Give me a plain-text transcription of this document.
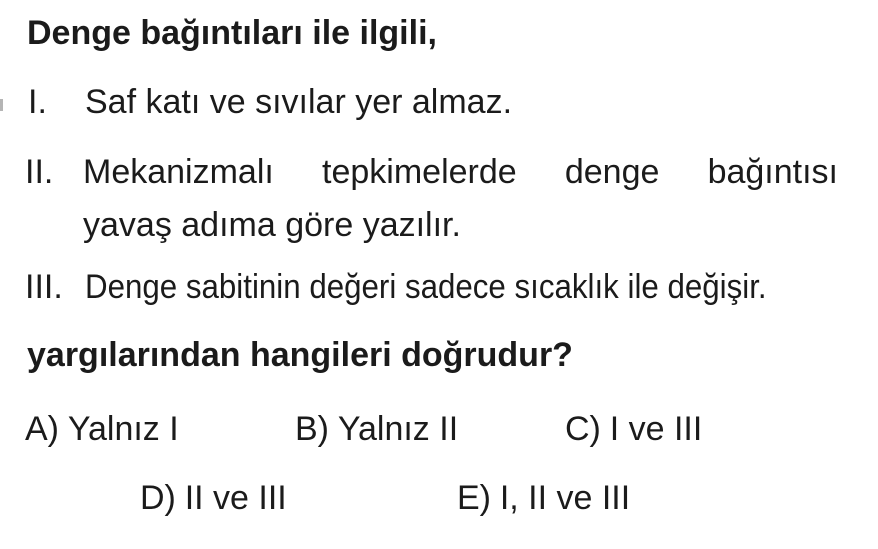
Denge bağıntıları ile ilgili,
I. Saf katı ve sıvılar yer almaz.
II. Mekanizmalı tepkimelerde denge bağıntısı
yavaş adıma göre yazılır.
III. Denge sabitinin değeri sadece sıcaklık ile değişir.
yargılarından hangileri doğrudur?
A) Yalnız I	B) Yalnız II	C) I ve III
D) II ve III	E) I, II ve III
